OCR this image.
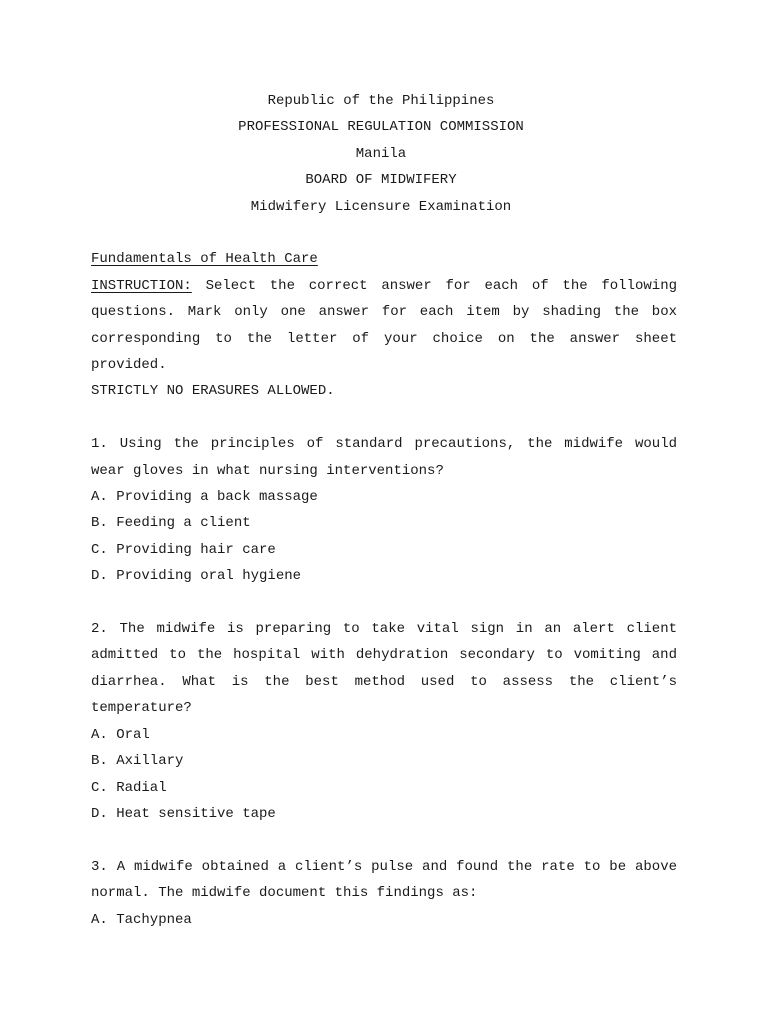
Republic of the Philippines
PROFESSIONAL REGULATION COMMISSION
Manila
BOARD OF MIDWIFERY
Midwifery Licensure Examination
Fundamentals of Health Care
INSTRUCTION: Select the correct answer for each of the following questions. Mark only one answer for each item by shading the box corresponding to the letter of your choice on the answer sheet provided.
STRICTLY NO ERASURES ALLOWED.
1. Using the principles of standard precautions, the midwife would wear gloves in what nursing interventions?
A. Providing a back massage
B. Feeding a client
C. Providing hair care
D. Providing oral hygiene
2. The midwife is preparing to take vital sign in an alert client admitted to the hospital with dehydration secondary to vomiting and diarrhea. What is the best method used to assess the client’s temperature?
A. Oral
B. Axillary
C. Radial
D. Heat sensitive tape
3. A midwife obtained a client’s pulse and found the rate to be above normal. The midwife document this findings as:
A. Tachypnea
